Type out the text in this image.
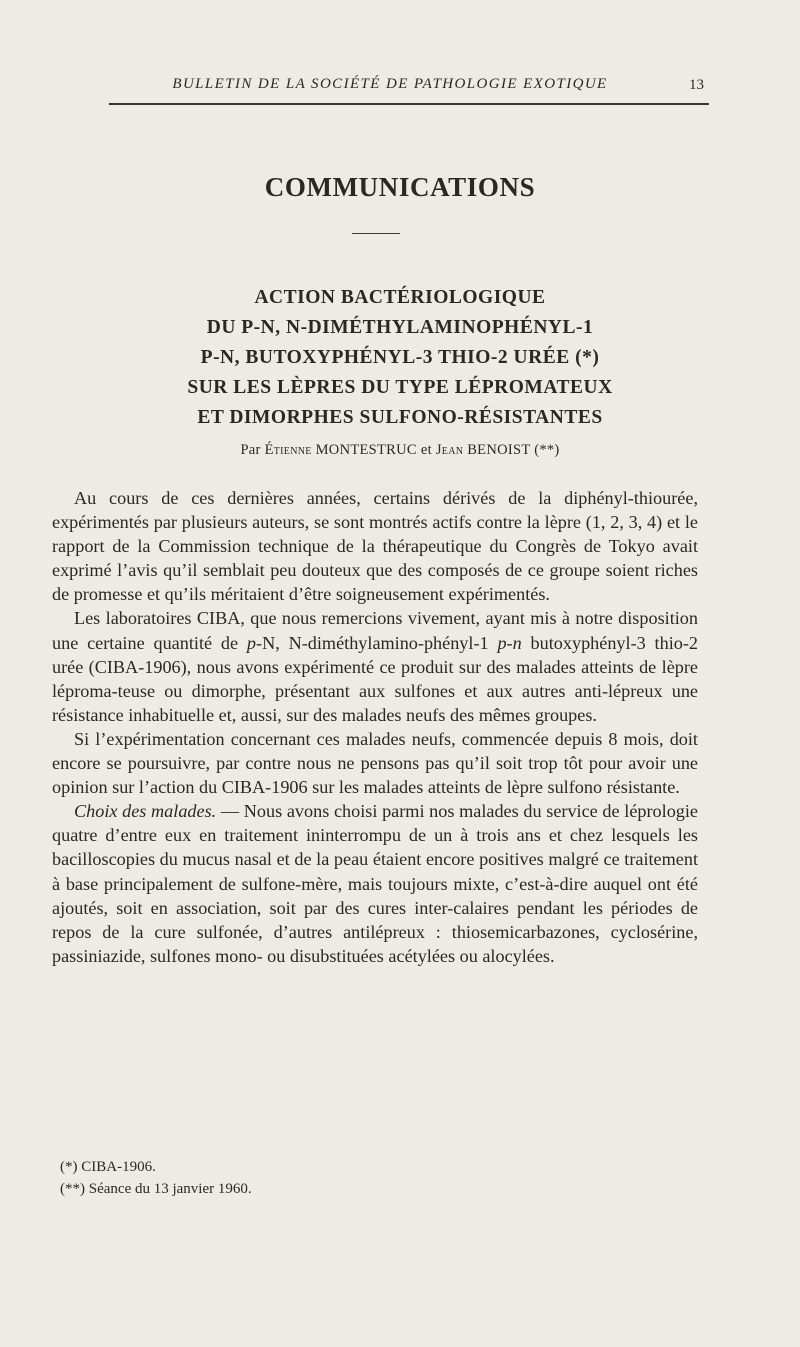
BULLETIN DE LA SOCIÉTÉ DE PATHOLOGIE EXOTIQUE	13
COMMUNICATIONS
ACTION BACTÉRIOLOGIQUE
DU P-N, N-DIMÉTHYLAMINOPHÉNYL-1
P-N, BUTOXYPHÉNYL-3 THIO-2 URÉE (*)
SUR LES LÈPRES DU TYPE LÉPROMATEUX
ET DIMORPHES SULFONO-RÉSISTANTES
Par Étienne MONTESTRUC et Jean BENOIST (**)

Au cours de ces dernières années, certains dérivés de la diphényl-thiourée, expérimentés par plusieurs auteurs, se sont montrés actifs contre la lèpre (1, 2, 3, 4) et le rapport de la Commission technique de la thérapeutique du Congrès de Tokyo avait exprimé l’avis qu’il semblait peu douteux que des composés de ce groupe soient riches de promesse et qu’ils méritaient d’être soigneusement expérimentés.

Les laboratoires CIBA, que nous remercions vivement, ayant mis à notre disposition une certaine quantité de p-N, N-diméthylamino-phényl-1 p-n butoxyphényl-3 thio-2 urée (CIBA-1906), nous avons expérimenté ce produit sur des malades atteints de lèpre léproma-teuse ou dimorphe, présentant aux sulfones et aux autres anti-lépreux une résistance inhabituelle et, aussi, sur des malades neufs des mêmes groupes.

Si l’expérimentation concernant ces malades neufs, commencée depuis 8 mois, doit encore se poursuivre, par contre nous ne pensons pas qu’il soit trop tôt pour avoir une opinion sur l’action du CIBA-1906 sur les malades atteints de lèpre sulfono résistante.

Choix des malades. — Nous avons choisi parmi nos malades du service de léprologie quatre d’entre eux en traitement ininterrompu de un à trois ans et chez lesquels les bacilloscopies du mucus nasal et de la peau étaient encore positives malgré ce traitement à base principalement de sulfone-mère, mais toujours mixte, c’est-à-dire auquel ont été ajoutés, soit en association, soit par des cures inter-calaires pendant les périodes de repos de la cure sulfonée, d’autres antilépreux : thiosemicarbazones, cyclosérine, passiniazide, sulfones mono- ou disubstituées acétylées ou alocylées.

(*) CIBA-1906.
(**) Séance du 13 janvier 1960.
